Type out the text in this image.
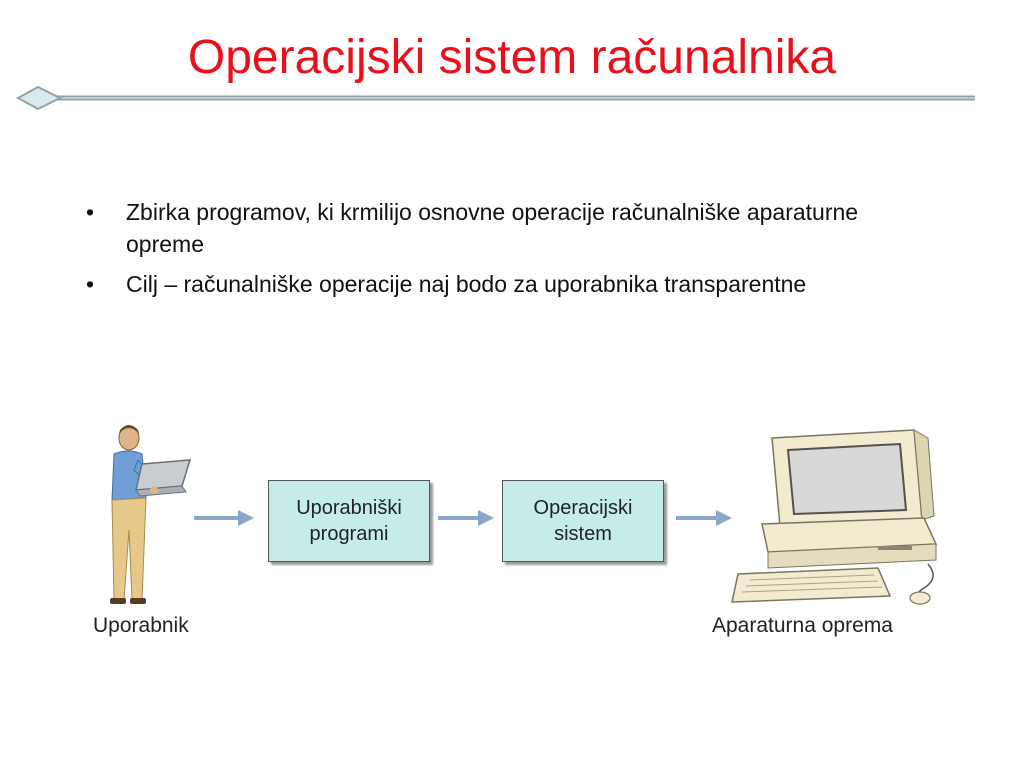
Operacijski sistem računalnika
• Zbirka programov, ki krmilijo osnovne operacije računalniške aparaturne opreme
• Cilj – računalniške operacije naj bodo za uporabnika transparentne
Uporabniški
programi
Operacijski
sistem
Uporabnik	Aparaturna oprema
